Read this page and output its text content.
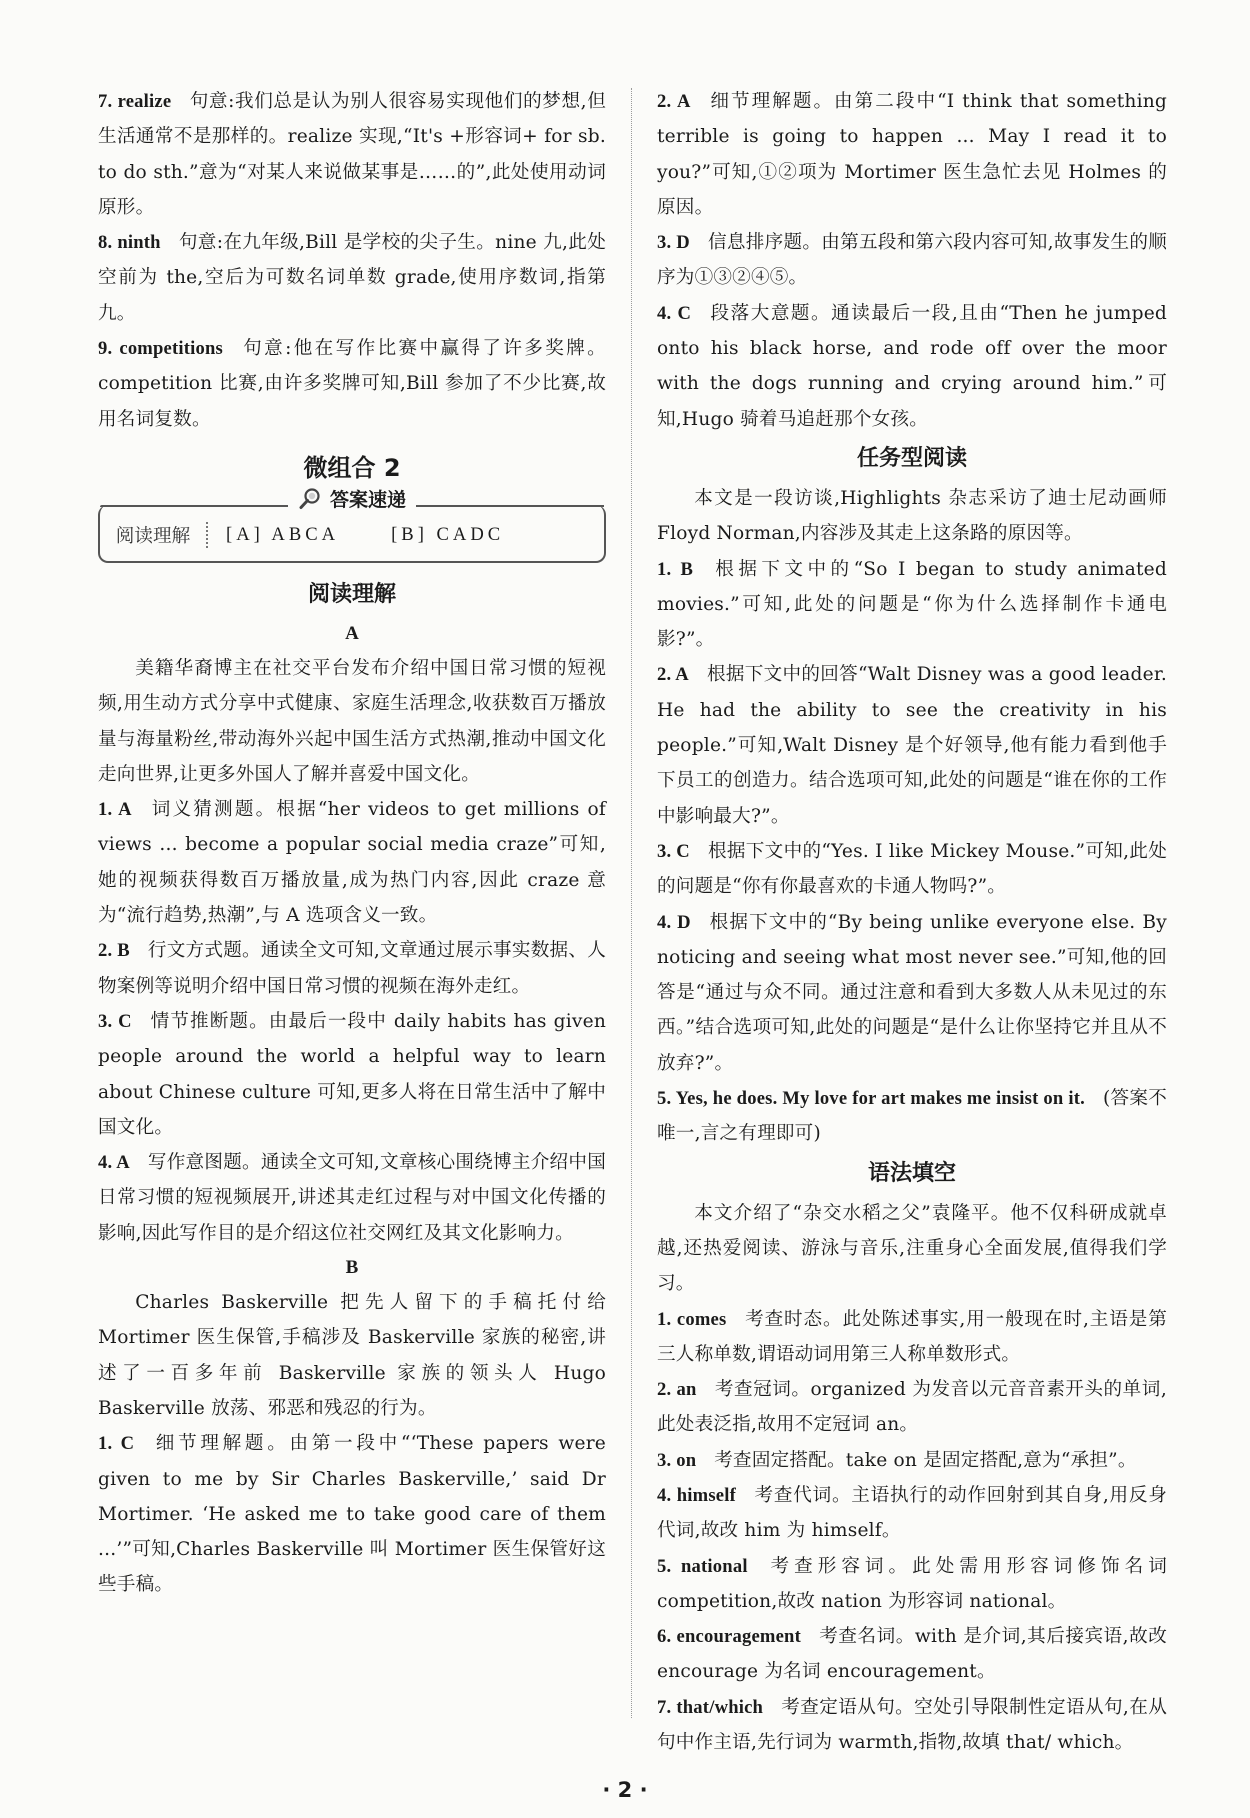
7. realize 句意:我们总是认为别人很容易实现他们的梦想,但生活通常不是那样的。realize 实现,“It's +形容词+ for sb. to do sth.”意为“对某人来说做某事是……的”,此处使用动词原形。

8. ninth 句意:在九年级,Bill 是学校的尖子生。nine 九,此处空前为 the,空后为可数名词单数 grade,使用序数词,指第九。

9. competitions 句意:他在写作比赛中赢得了许多奖牌。competition 比赛,由许多奖牌可知,Bill 参加了不少比赛,故用名词复数。

微组合 2
答案速递
阅读理解	[A] ABCA	[B] CADC
阅读理解
A

美籍华裔博主在社交平台发布介绍中国日常习惯的短视频,用生动方式分享中式健康、家庭生活理念,收获数百万播放量与海量粉丝,带动海外兴起中国生活方式热潮,推动中国文化走向世界,让更多外国人了解并喜爱中国文化。

1. A 词义猜测题。根据“her videos to get millions of views ... become a popular social media craze”可知,她的视频获得数百万播放量,成为热门内容,因此 craze 意为“流行趋势,热潮”,与 A 选项含义一致。

2. B 行文方式题。通读全文可知,文章通过展示事实数据、人物案例等说明介绍中国日常习惯的视频在海外走红。

3. C 情节推断题。由最后一段中 daily habits has given people around the world a helpful way to learn about Chinese culture 可知,更多人将在日常生活中了解中国文化。

4. A 写作意图题。通读全文可知,文章核心围绕博主介绍中国日常习惯的短视频展开,讲述其走红过程与对中国文化传播的影响,因此写作目的是介绍这位社交网红及其文化影响力。

B

Charles Baskerville 把先人留下的手稿托付给 Mortimer 医生保管,手稿涉及 Baskerville 家族的秘密,讲述了一百多年前 Baskerville 家族的领头人 Hugo Baskerville 放荡、邪恶和残忍的行为。

1. C 细节理解题。由第一段中“‘These papers were given to me by Sir Charles Baskerville,’ said Dr Mortimer. ‘He asked me to take good care of them ...’”可知,Charles Baskerville 叫 Mortimer 医生保管好这些手稿。

2. A 细节理解题。由第二段中“I think that something terrible is going to happen ... May I read it to you?”可知,①②项为 Mortimer 医生急忙去见 Holmes 的原因。

3. D 信息排序题。由第五段和第六段内容可知,故事发生的顺序为①③②④⑤。

4. C 段落大意题。通读最后一段,且由“Then he jumped onto his black horse, and rode off over the moor with the dogs running and crying around him.”可知,Hugo 骑着马追赶那个女孩。

任务型阅读

本文是一段访谈,Highlights 杂志采访了迪士尼动画师 Floyd Norman,内容涉及其走上这条路的原因等。

1. B 根据下文中的“So I began to study animated movies.”可知,此处的问题是“你为什么选择制作卡通电影?”。

2. A 根据下文中的回答“Walt Disney was a good leader. He had the ability to see the creativity in his people.”可知,Walt Disney 是个好领导,他有能力看到他手下员工的创造力。结合选项可知,此处的问题是“谁在你的工作中影响最大?”。

3. C 根据下文中的“Yes. I like Mickey Mouse.”可知,此处的问题是“你有你最喜欢的卡通人物吗?”。

4. D 根据下文中的“By being unlike everyone else. By noticing and seeing what most never see.”可知,他的回答是“通过与众不同。通过注意和看到大多数人从未见过的东西。”结合选项可知,此处的问题是“是什么让你坚持它并且从不放弃?”。

5. Yes, he does. My love for art makes me insist on it. (答案不唯一,言之有理即可)

语法填空

本文介绍了“杂交水稻之父”袁隆平。他不仅科研成就卓越,还热爱阅读、游泳与音乐,注重身心全面发展,值得我们学习。

1. comes 考查时态。此处陈述事实,用一般现在时,主语是第三人称单数,谓语动词用第三人称单数形式。

2. an 考查冠词。organized 为发音以元音音素开头的单词,此处表泛指,故用不定冠词 an。

3. on 考查固定搭配。take on 是固定搭配,意为“承担”。

4. himself 考查代词。主语执行的动作回射到其自身,用反身代词,故改 him 为 himself。

5. national 考查形容词。此处需用形容词修饰名词 competition,故改 nation 为形容词 national。

6. encouragement 考查名词。with 是介词,其后接宾语,故改 encourage 为名词 encouragement。

7. that/which 考查定语从句。空处引导限制性定语从句,在从句中作主语,先行词为 warmth,指物,故填 that/ which。

· 2 ·
